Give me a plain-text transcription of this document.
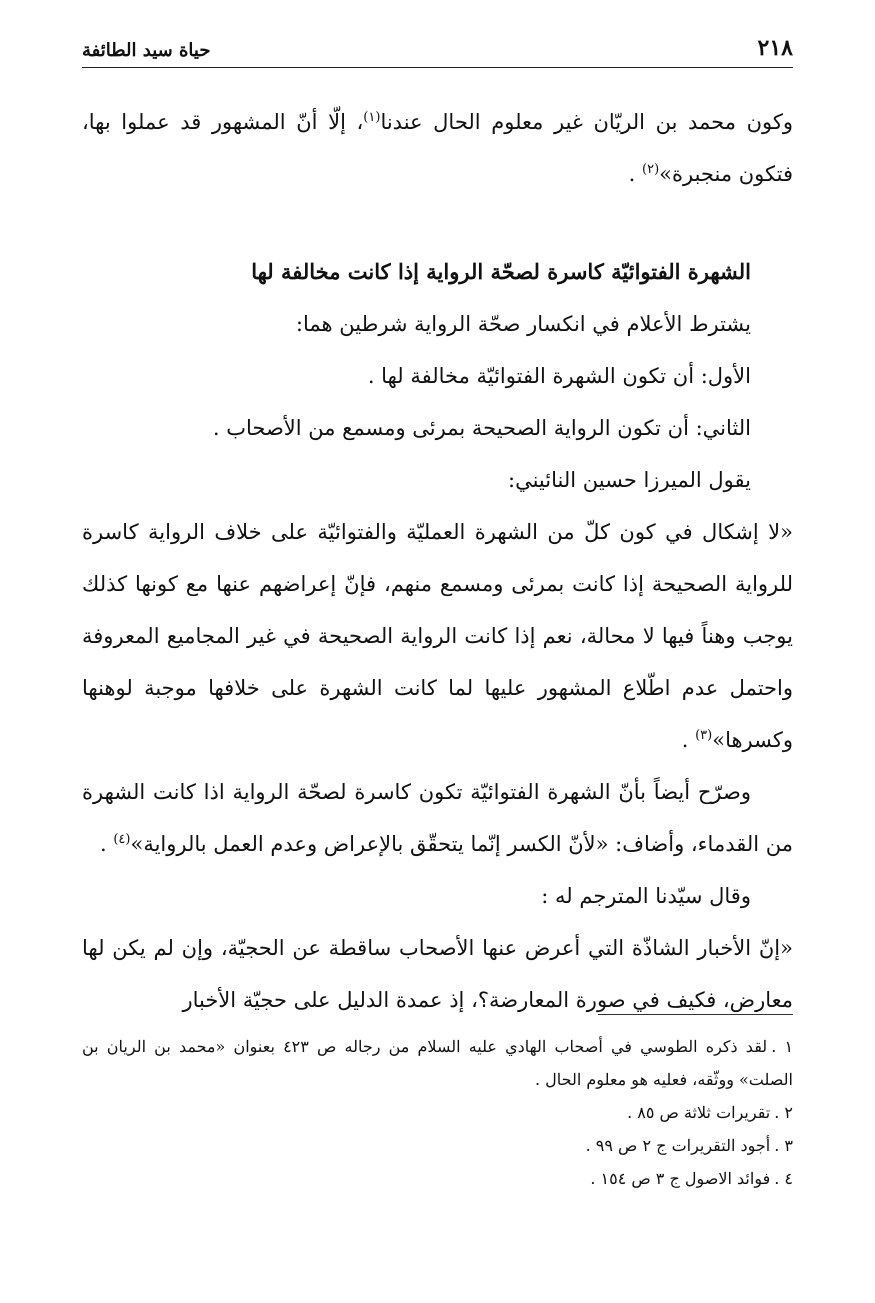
٢١٨
حياة سيد الطائفة

وكون محمد بن الريّان غير معلوم الحال عندنا$^{(١)}$، إلّا أنّ المشهور قد عملوا بها، فتكون منجبرة»$^{(٢)}$ .

الشهرة الفتوائيّة كاسرة لصحّة الرواية إذا كانت مخالفة لها

يشترط الأعلام في انكسار صحّة الرواية شرطين هما:

الأول: أن تكون الشهرة الفتوائيّة مخالفة لها .

الثاني: أن تكون الرواية الصحيحة بمرئى ومسمع من الأصحاب .

يقول الميرزا حسين النائيني:

«لا إشكال في كون كلّ من الشهرة العمليّة والفتوائيّة على خلاف الرواية كاسرة للرواية الصحيحة إذا كانت بمرئى ومسمع منهم، فإنّ إعراضهم عنها مع كونها كذلك يوجب وهناً فيها لا محالة، نعم إذا كانت الرواية الصحيحة في غير المجاميع المعروفة واحتمل عدم اطّلاع المشهور عليها لما كانت الشهرة على خلافها موجبة لوهنها وكسرها»$^{(٣)}$ .

وصرّح أيضاً بأنّ الشهرة الفتوائيّة تكون كاسرة لصحّة الرواية اذا كانت الشهرة من القدماء، وأضاف: «لأنّ الكسر إنّما يتحقّق بالإعراض وعدم العمل بالرواية»$^{(٤)}$ .

وقال سيّدنا المترجم له :

«إنّ الأخبار الشاذّة التي أعرض عنها الأصحاب ساقطة عن الحجيّة، وإن لم يكن لها معارض، فكيف في صورة المعارضة؟، إذ عمدة الدليل على حجيّة الأخبار

١ .لقد ذكره الطوسي في أصحاب الهادي عليه السلام من رجاله ص ٤٢٣ بعنوان «محمد بن الريان بن الصلت» ووثّقه، فعليه هو معلوم الحال .

٢ .تقريرات ثلاثة ص ٨٥ .

٣ .أجود التقريرات ج ٢ ص ٩٩ .

٤ .فوائد الاصول ج ٣ ص ١٥٤ .
